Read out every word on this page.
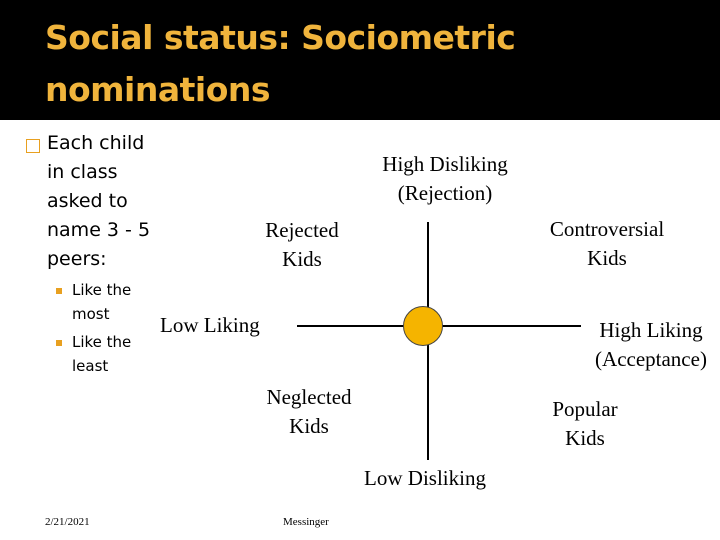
Social status: Sociometric
nominations
Each child
in class
asked to
name 3 - 5
peers:
Like the
most
Like the
least
High Disliking
(Rejection)
Low Disliking
Low Liking	High Liking
(Acceptance)
Rejected
Kids
Controversial
Kids
Neglected
Kids
Popular
Kids
2/21/2021	Messinger
